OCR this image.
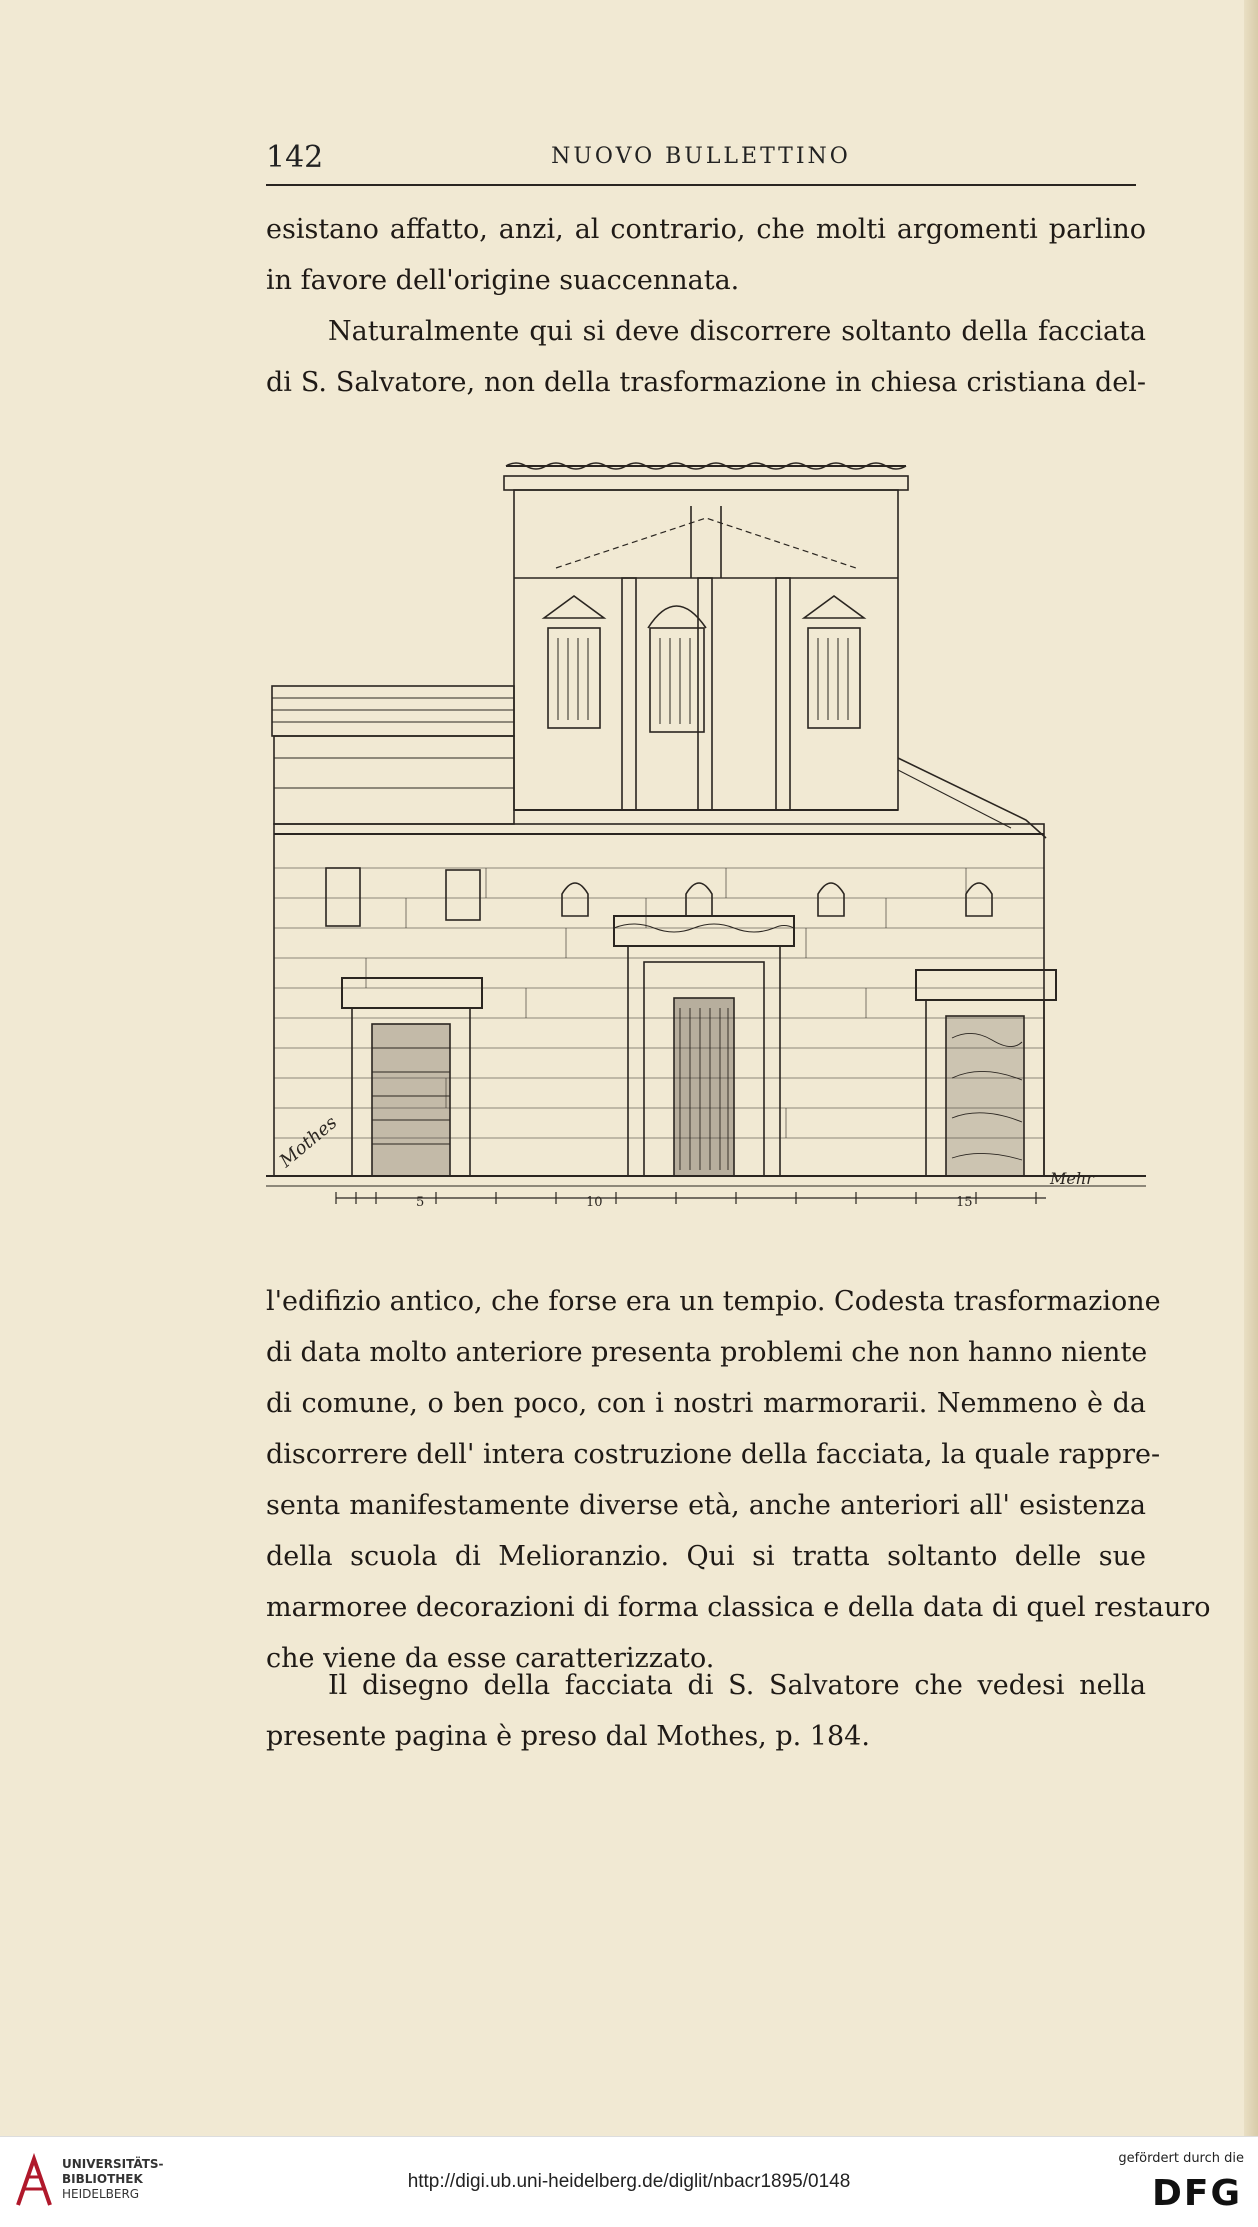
142	NUOVO BULLETTINO

esistano affatto, anzi, al contrario, che molti argomenti parlino
in favore dell'origine suaccennata.

Naturalmente qui si deve discorrere soltanto della facciata
di S. Salvatore, non della trasformazione in chiesa cristiana del-

5	10	15
Mothes
Mehr

l'edifizio antico, che forse era un tempio. Codesta trasformazione
di data molto anteriore presenta problemi che non hanno niente
di comune, o ben poco, con i nostri marmorarii. Nemmeno è da
discorrere dell' intera costruzione della facciata, la quale rappre-
senta manifestamente diverse età, anche anteriori all' esistenza
della scuola di Melioranzio. Qui si tratta soltanto delle sue
marmoree decorazioni di forma classica e della data di quel restauro
che viene da esse caratterizzato.

Il disegno della facciata di S. Salvatore che vedesi nella
presente pagina è preso dal Mothes, p. 184.

UNIVERSITÄTS-
BIBLIOTHEK
HEIDELBERG
http://digi.ub.uni-heidelberg.de/diglit/nbacr1895/0148
gefördert durch die
DFG
